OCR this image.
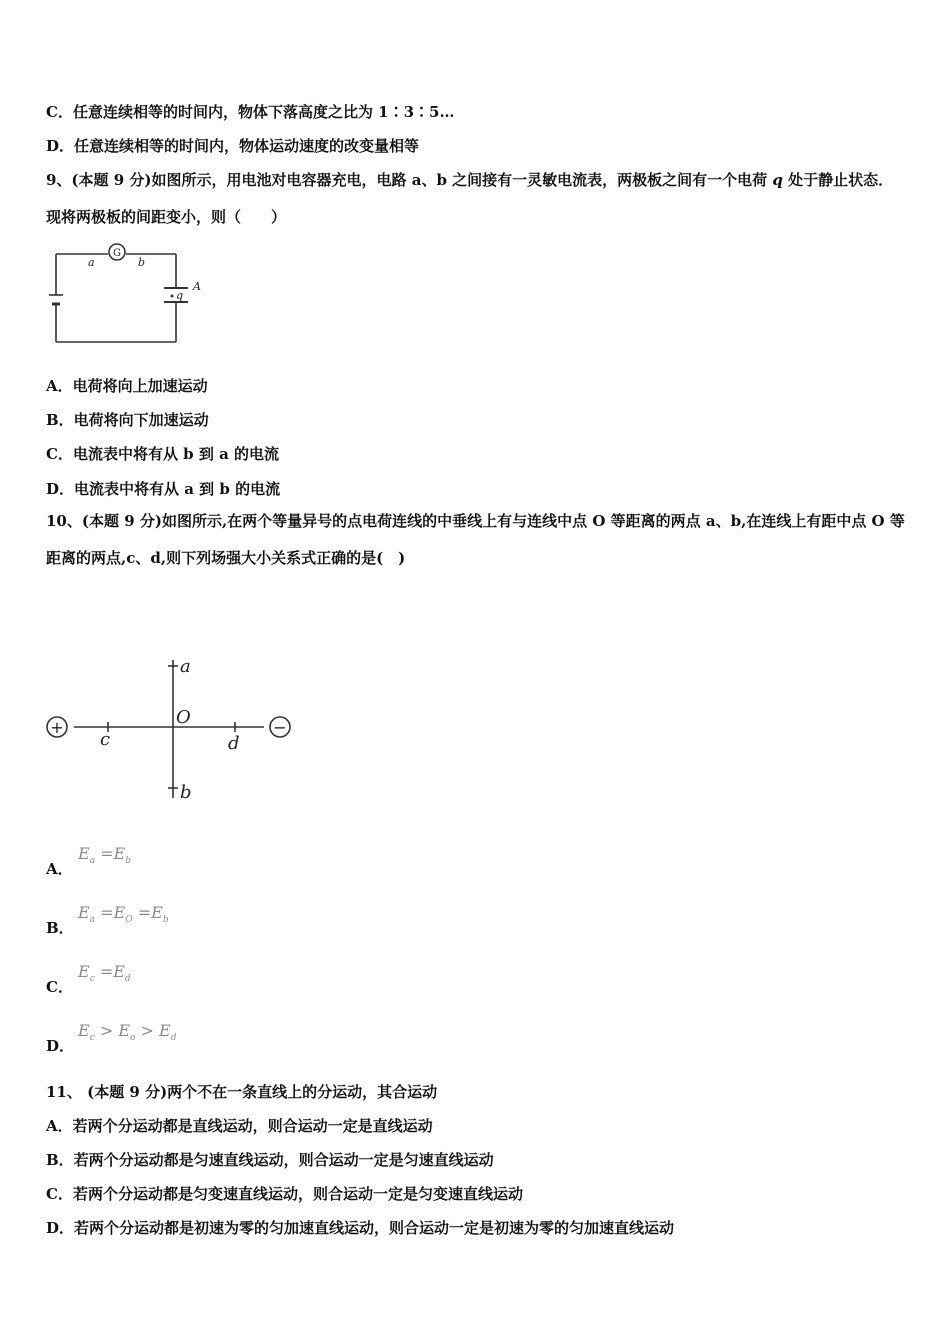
C．任意连续相等的时间内，物体下落高度之比为 1∶3∶5…
D．任意连续相等的时间内，物体运动速度的改变量相等
9、(本题 9 分)如图所示，用电池对电容器充电，电路 a、b 之间接有一灵敏电流表，两极板之间有一个电荷 q 处于静止状态．现将两极板的间距变小，则（　　）
G
a	b
q
A
A．电荷将向上加速运动
B．电荷将向下加速运动
C．电流表中将有从 b 到 a 的电流
D．电流表中将有从 a 到 b 的电流
10、(本题 9 分)如图所示,在两个等量异号的点电荷连线的中垂线上有与连线中点 O 等距离的两点 a、b,在连线上有距中点 O 等距离的两点,c、d,则下列场强大小关系式正确的是(　)
+	−
a
b
c	d
O
A．
$E_a =E_b$
B．
$E_a =E_O =E_b$
C．
$E_c =E_d$
D．
$E_c > E_o > E_d$
11、 (本题 9 分)两个不在一条直线上的分运动，其合运动
A．若两个分运动都是直线运动，则合运动一定是直线运动
B．若两个分运动都是匀速直线运动，则合运动一定是匀速直线运动
C．若两个分运动都是匀变速直线运动，则合运动一定是匀变速直线运动
D．若两个分运动都是初速为零的匀加速直线运动，则合运动一定是初速为零的匀加速直线运动
